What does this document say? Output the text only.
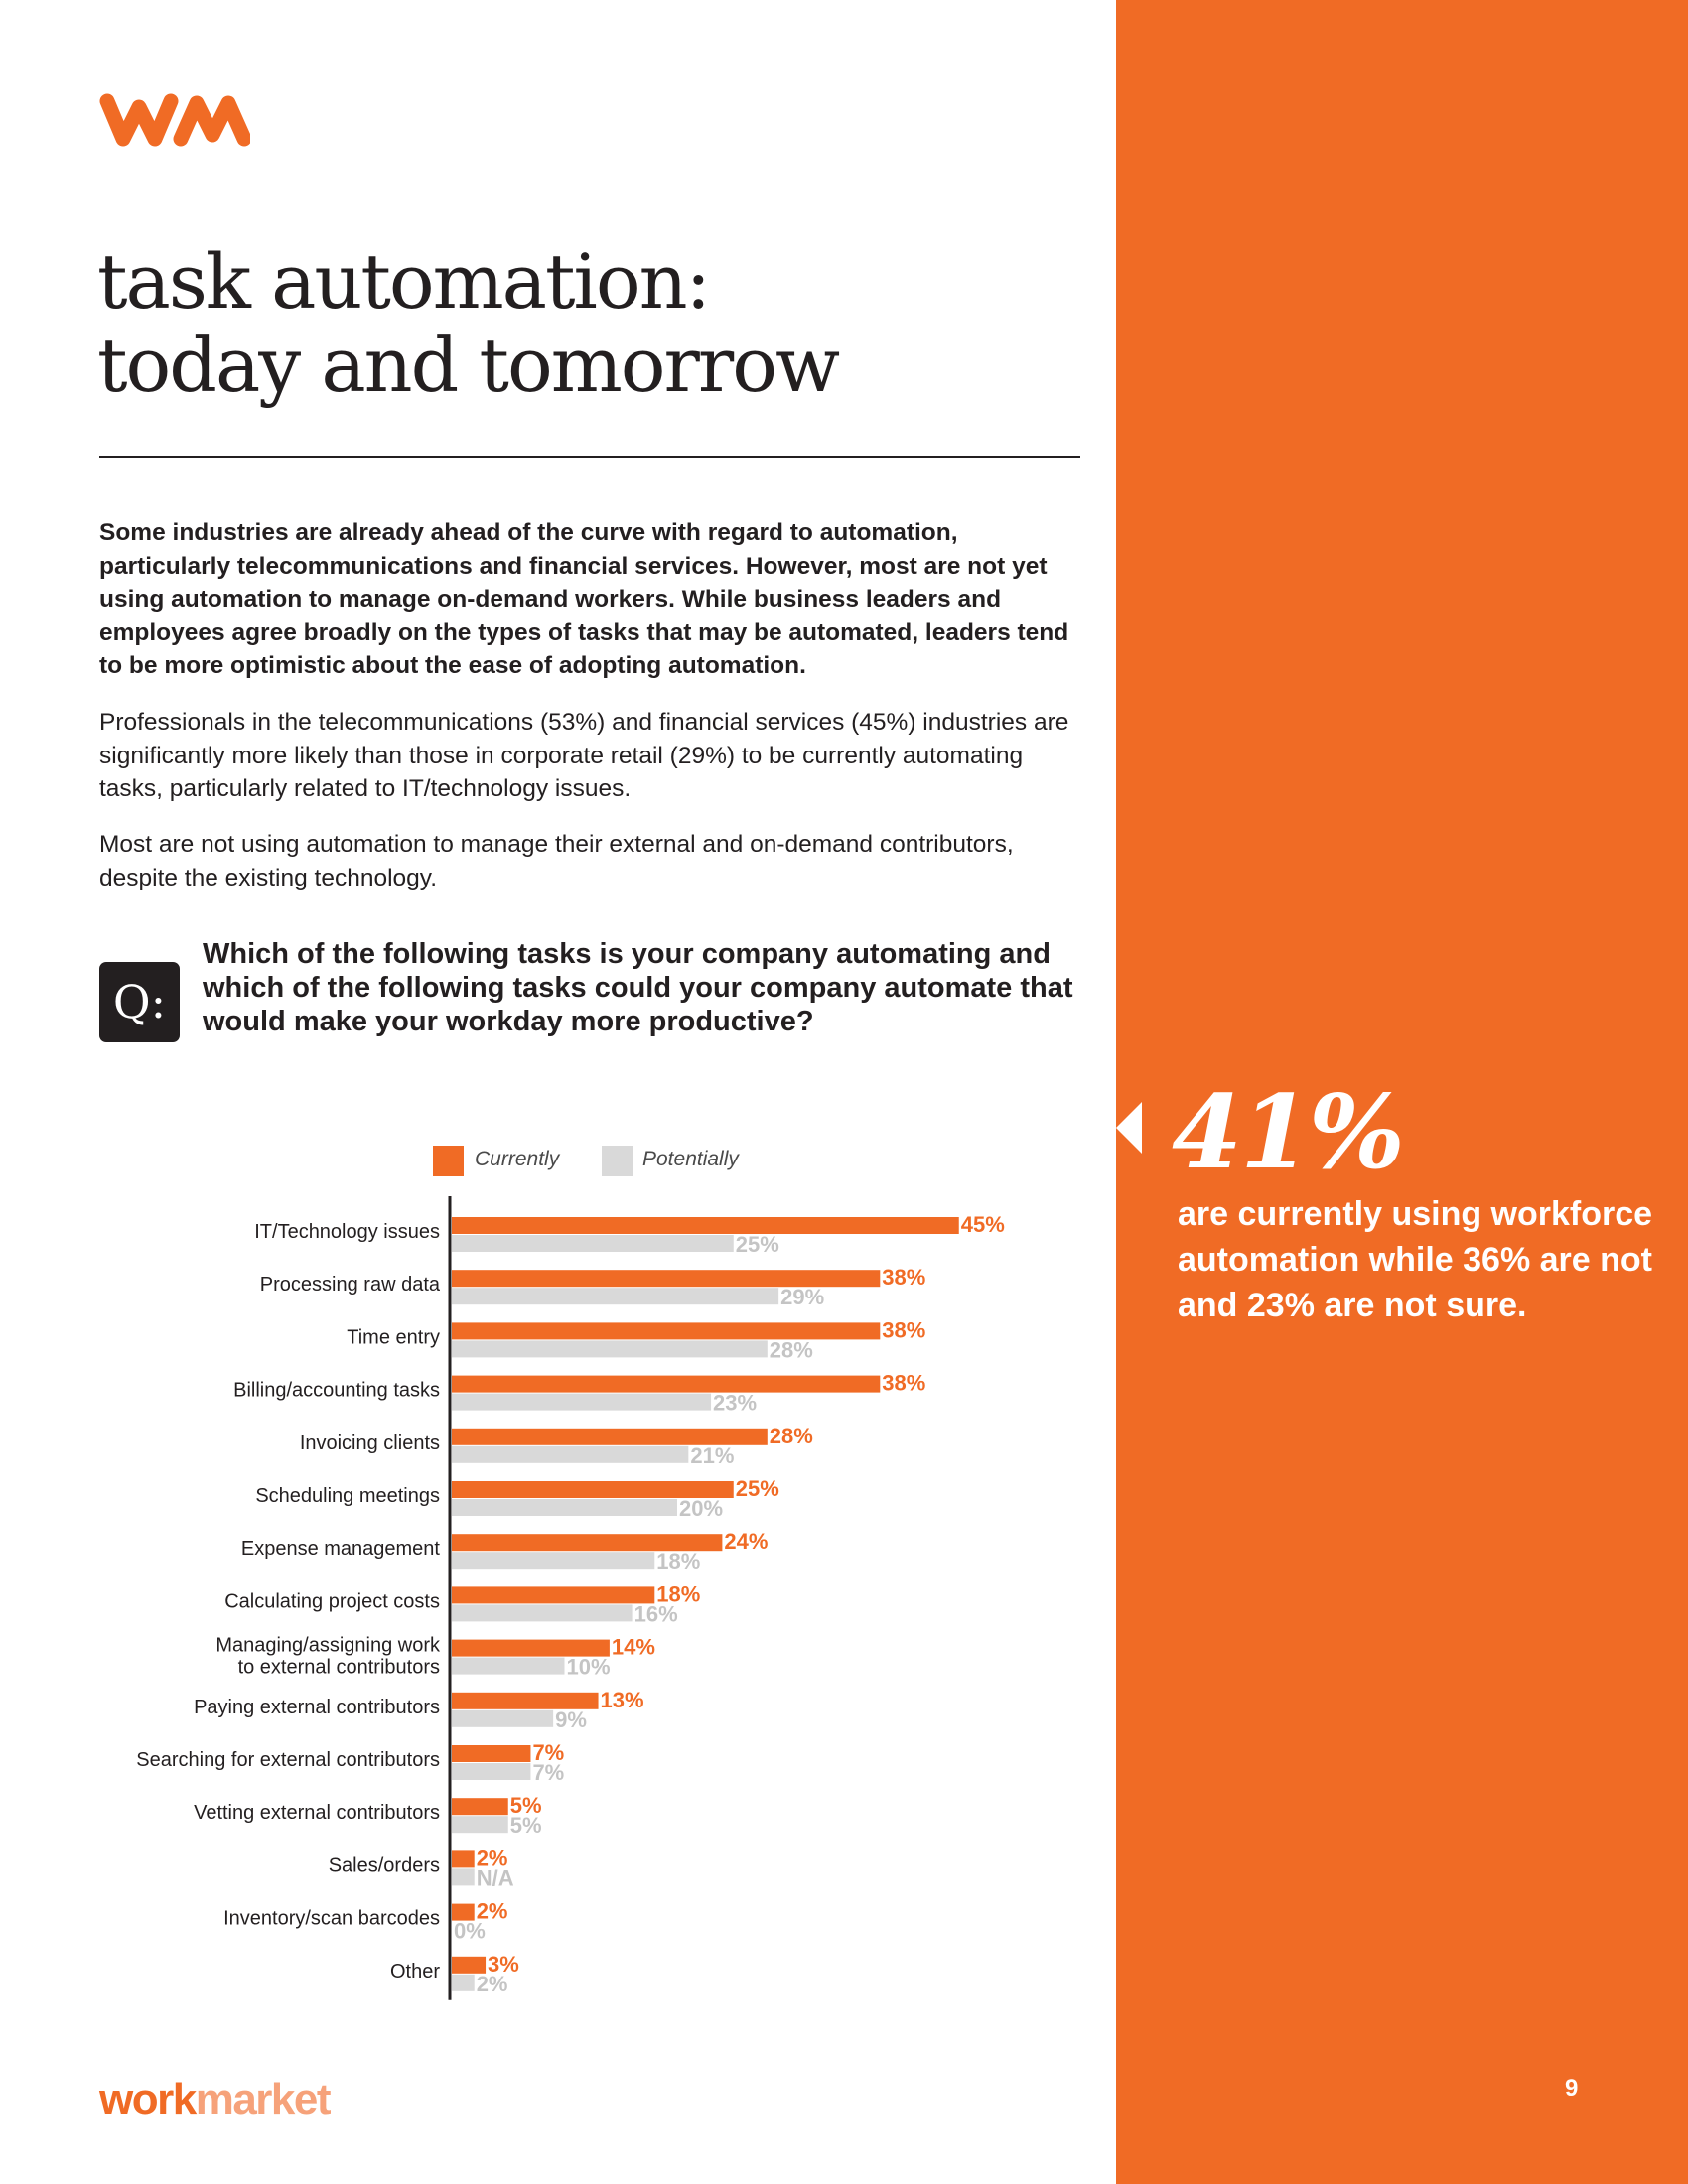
task automation:
today and tomorrow

Some industries are already ahead of the curve with regard to automation, particularly telecommunications and financial services. However, most are not yet using automation to manage on-demand workers. While business leaders and employees agree broadly on the types of tasks that may be automated, leaders tend to be more optimistic about the ease of adopting automation.

Professionals in the telecommunications (53%) and financial services (45%) industries are significantly more likely than those in corporate retail (29%) to be currently automating tasks, particularly related to IT/technology issues.

Most are not using automation to manage their external and on-demand contributors, despite the existing technology.

Q:

Which of the following tasks is your company automating and which of the following tasks could your company automate that would make your workday more productive?

Currently	Potentially
IT/Technology issues	45%
25%
Processing raw data	38%
29%
Time entry	38%
28%
Billing/accounting tasks	38%
23%
Invoicing clients	28%
21%
Scheduling meetings	25%
20%
Expense management	24%
18%
Calculating project costs	18%
16%
Managing/assigning work to external contributors
14%
10%
Paying external contributors	13%
9%
Searching for external contributors	7%
7%
Vetting external contributors	5%
5%
Sales/orders 2%
N/A
Inventory/scan barcodes 2%
0%
Other 3%
2%

41%

are currently using workforce automation while 36% are not and 23% are not sure.

workmarket	9
